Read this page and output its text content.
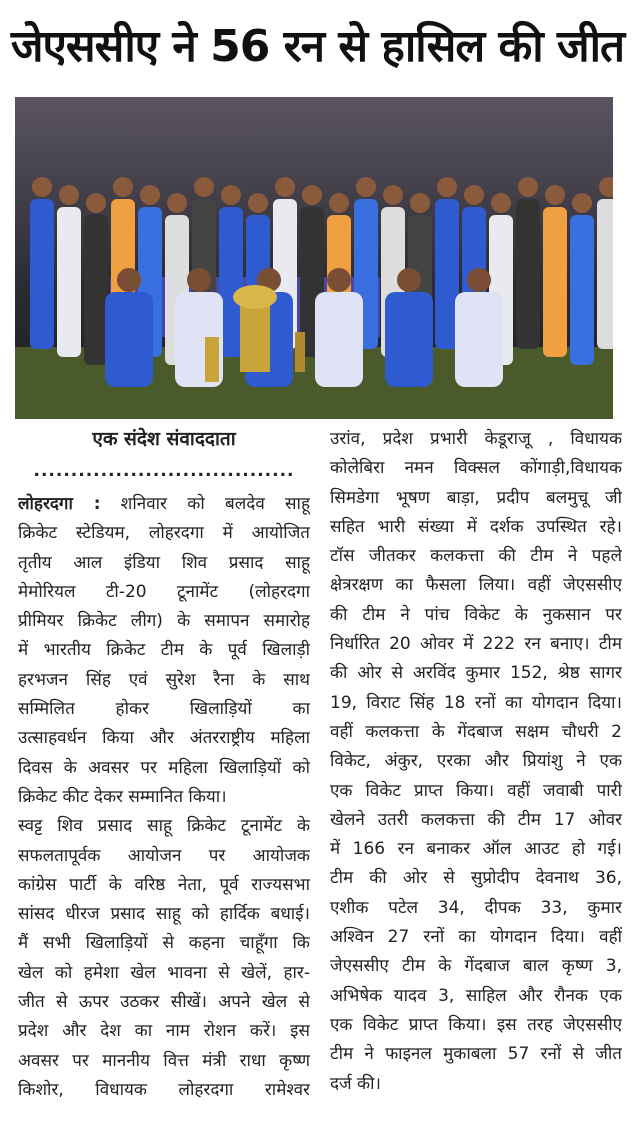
जेएससीए ने 56 रन से हासिल की जीत
एक संदेश संवाददाता
...................................
लोहरदगा : शनिवार को बलदेव साहू
क्रिकेट स्टेडियम, लोहरदगा में आयोजित
तृतीय आल इंडिया शिव प्रसाद साहू
मेमोरियल टी-20 टूनामेंट (लोहरदगा
प्रीमियर क्रिकेट लीग) के समापन समारोह
में भारतीय क्रिकेट टीम के पूर्व खिलाड़ी
हरभजन सिंह एवं सुरेश रैना के साथ
सम्मिलित होकर खिलाड़ियों का
उत्साहवर्धन किया और अंतरराष्ट्रीय महिला
दिवस के अवसर पर महिला खिलाड़ियों को
क्रिकेट कीट देकर सम्मानित किया।
स्वट्ट शिव प्रसाद साहू क्रिकेट टूनामेंट के
सफलतापूर्वक आयोजन पर आयोजक
कांग्रेस पार्टी के वरिष्ठ नेता, पूर्व राज्यसभा
सांसद धीरज प्रसाद साहू को हार्दिक बधाई।
मैं सभी खिलाड़ियों से कहना चाहूँगा कि
खेल को हमेशा खेल भावना से खेलें, हार-
जीत से ऊपर उठकर सीखें। अपने खेल से
प्रदेश और देश का नाम रोशन करें। इस
अवसर पर माननीय वित्त मंत्री राधा कृष्ण
किशोर, विधायक लोहरदगा रामेश्वर
उरांव, प्रदेश प्रभारी केडूराजू , विधायक
कोलेबिरा नमन विक्सल कोंगाड़ी,विधायक
सिमडेगा भूषण बाड़ा, प्रदीप बलमुचू जी
सहित भारी संख्या में दर्शक उपस्थित रहे।
टॉस जीतकर कलकत्ता की टीम ने पहले
क्षेत्ररक्षण का फैसला लिया। वहीं जेएससीए
की टीम ने पांच विकेट के नुकसान पर
निर्धारित 20 ओवर में 222 रन बनाए। टीम
की ओर से अरविंद कुमार 152, श्रेष्ठ सागर
19, विराट सिंह 18 रनों का योगदान दिया।
वहीं कलकत्ता के गेंदबाज सक्षम चौधरी 2
विकेट, अंकुर, एरका और प्रियांशु ने एक
एक विकेट प्राप्त किया। वहीं जवाबी पारी
खेलने उतरी कलकत्ता की टीम 17 ओवर
में 166 रन बनाकर ऑल आउट हो गई।
टीम की ओर से सुप्रोदीप देवनाथ 36,
एशीक पटेल 34, दीपक 33, कुमार
अश्विन 27 रनों का योगदान दिया। वहीं
जेएससीए टीम के गेंदबाज बाल कृष्ण 3,
अभिषेक यादव 3, साहिल और रौनक एक
एक विकेट प्राप्त किया। इस तरह जेएससीए
टीम ने फाइनल मुकाबला 57 रनों से जीत
दर्ज की।
